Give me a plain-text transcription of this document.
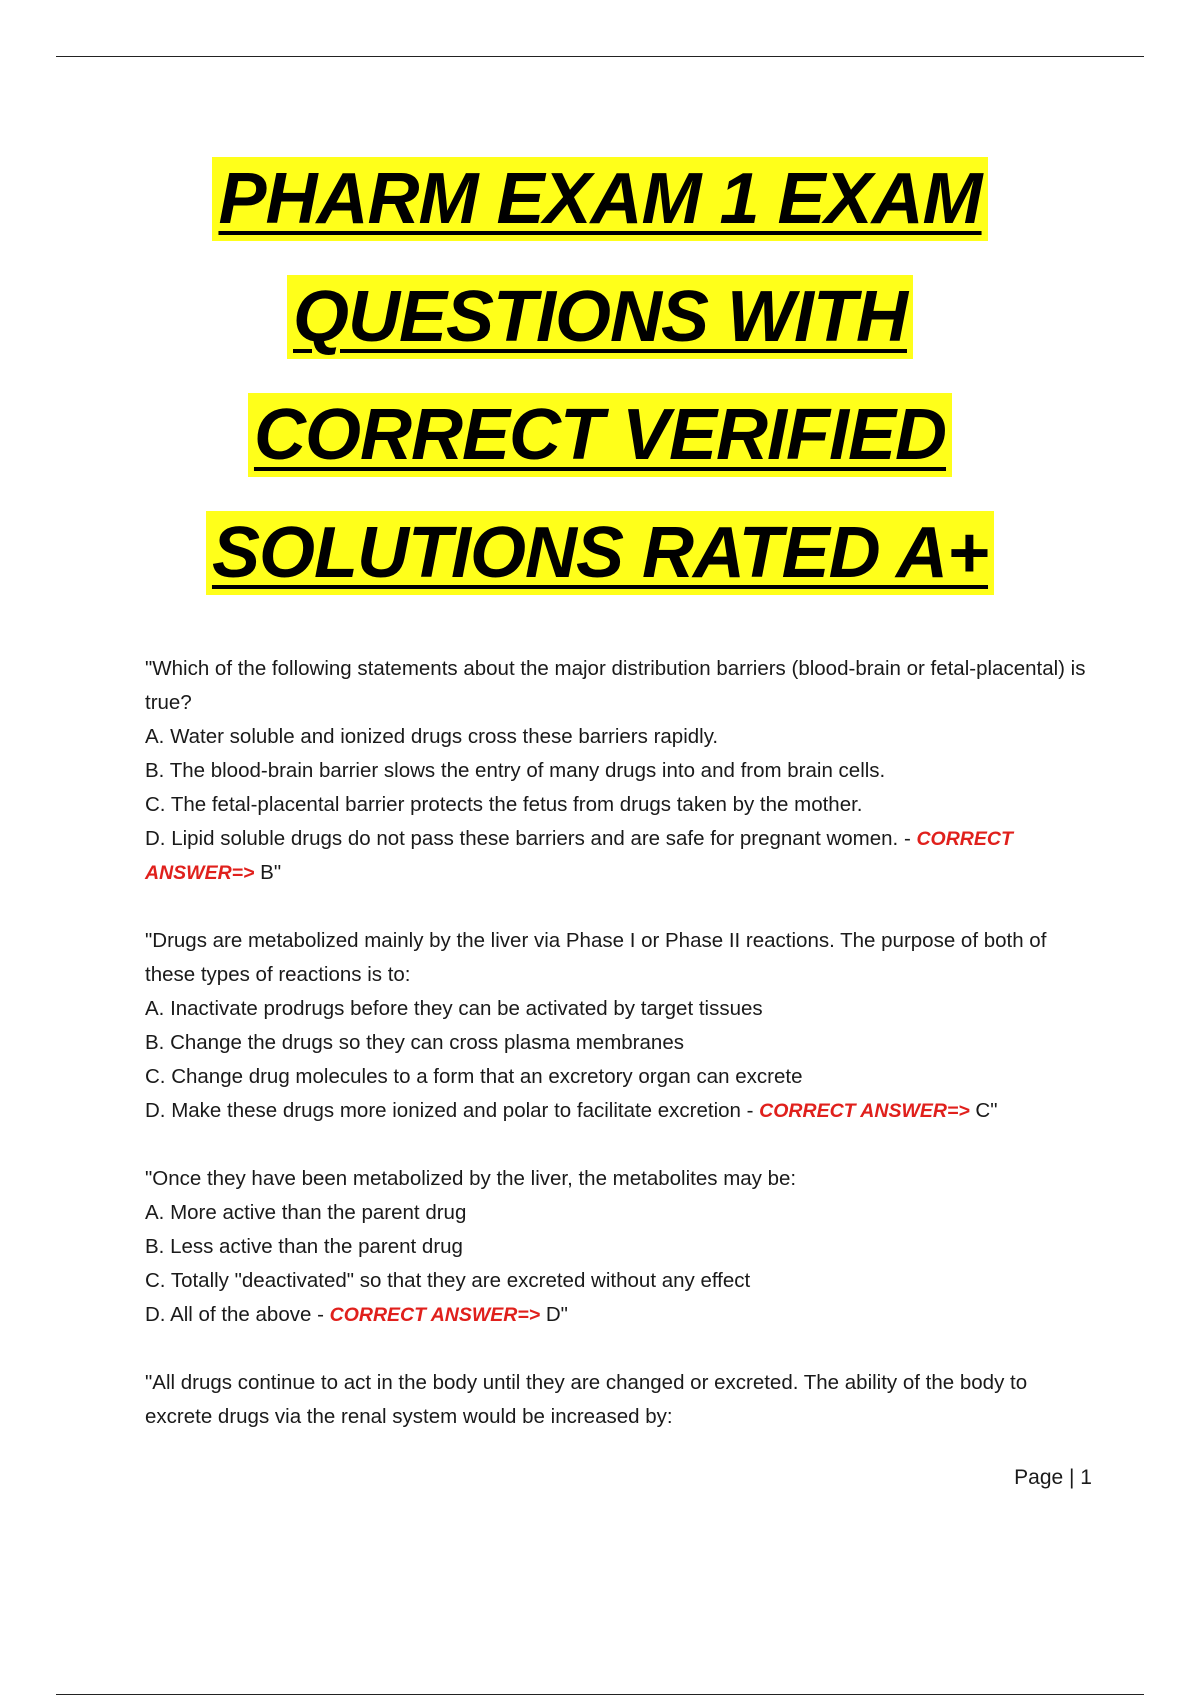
PHARM EXAM 1 EXAM
QUESTIONS WITH
CORRECT VERIFIED
SOLUTIONS RATED A+

"Which of the following statements about the major distribution barriers (blood-brain or fetal-placental) is true?

A. Water soluble and ionized drugs cross these barriers rapidly.

B. The blood-brain barrier slows the entry of many drugs into and from brain cells.

C. The fetal-placental barrier protects the fetus from drugs taken by the mother.

D. Lipid soluble drugs do not pass these barriers and are safe for pregnant women. - CORRECT ANSWER=> B"

"Drugs are metabolized mainly by the liver via Phase I or Phase II reactions. The purpose of both of these types of reactions is to:

A. Inactivate prodrugs before they can be activated by target tissues

B. Change the drugs so they can cross plasma membranes

C. Change drug molecules to a form that an excretory organ can excrete

D. Make these drugs more ionized and polar to facilitate excretion - CORRECT ANSWER=> C"

"Once they have been metabolized by the liver, the metabolites may be:

A. More active than the parent drug

B. Less active than the parent drug

C. Totally "deactivated" so that they are excreted without any effect

D. All of the above - CORRECT ANSWER=> D"

"All drugs continue to act in the body until they are changed or excreted. The ability of the body to excrete drugs via the renal system would be increased by:

Page | 1
